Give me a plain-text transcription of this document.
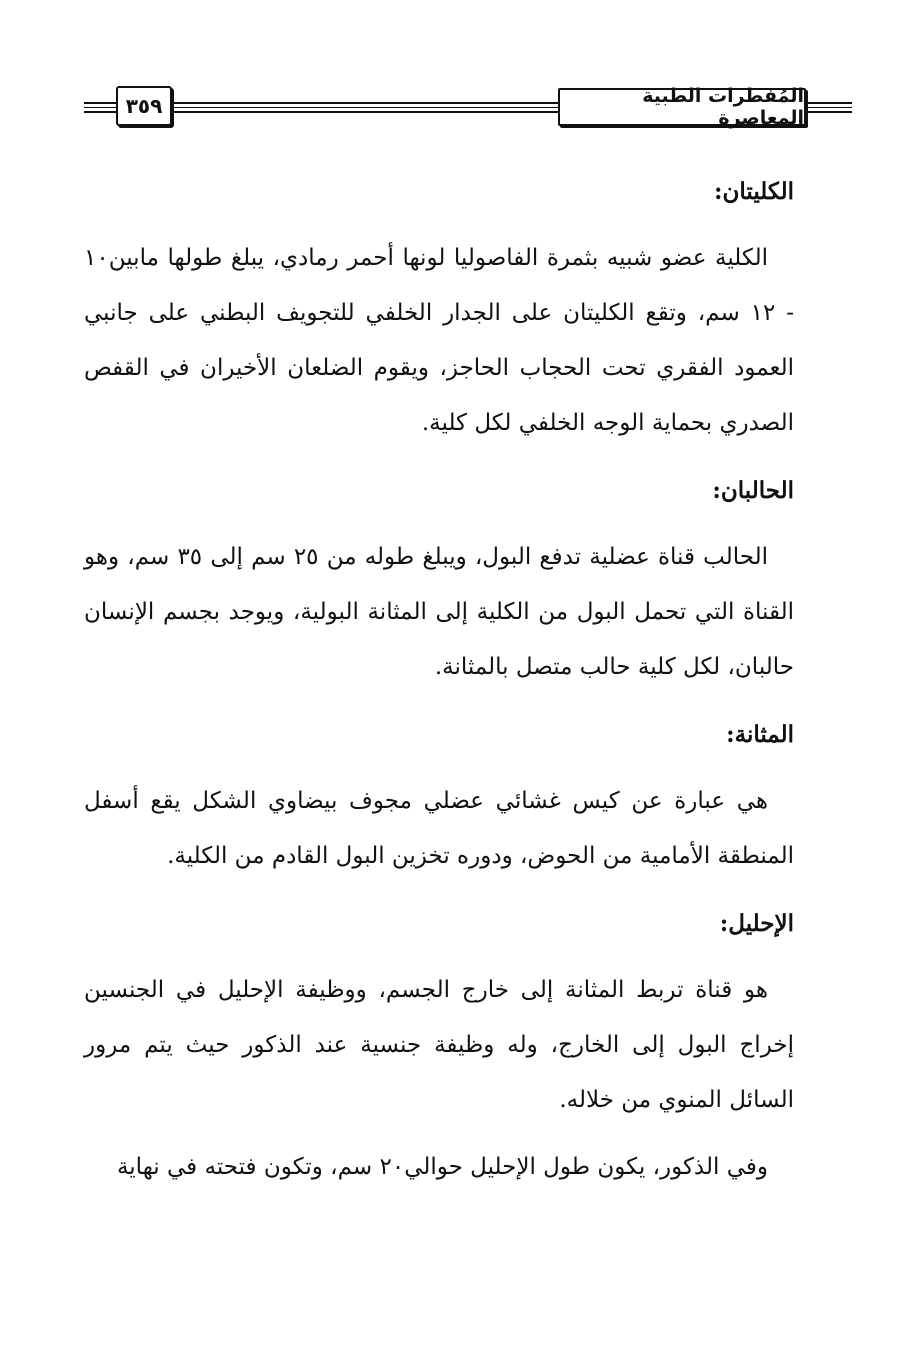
٣٥٩	المُفطرات الطبية المعاصرة
الكليتان:

الكلية عضو شبيه بثمرة الفاصوليا لونها أحمر رمادي، يبلغ طولها مابين١٠ - ١٢ سم، وتقع الكليتان على الجدار الخلفي للتجويف البطني على جانبي العمود الفقري تحت الحجاب الحاجز، ويقوم الضلعان الأخيران في القفص الصدري بحماية الوجه الخلفي لكل كلية.

الحالبان:

الحالب قناة عضلية تدفع البول، ويبلغ طوله من ٢٥ سم إلى ٣٥ سم، وهو القناة التي تحمل البول من الكلية إلى المثانة البولية، ويوجد بجسم الإنسان حالبان، لكل كلية حالب متصل بالمثانة.

المثانة:

هي عبارة عن كيس غشائي عضلي مجوف بيضاوي الشكل يقع أسفل المنطقة الأمامية من الحوض، ودوره تخزين البول القادم من الكلية.

الإحليل:

هو قناة تربط المثانة إلى خارج الجسم، ووظيفة الإحليل في الجنسين إخراج البول إلى الخارج، وله وظيفة جنسية عند الذكور حيث يتم مرور السائل المنوي من خلاله.

وفي الذكور، يكون طول الإحليل حوالي٢٠ سم، وتكون فتحته في نهاية
